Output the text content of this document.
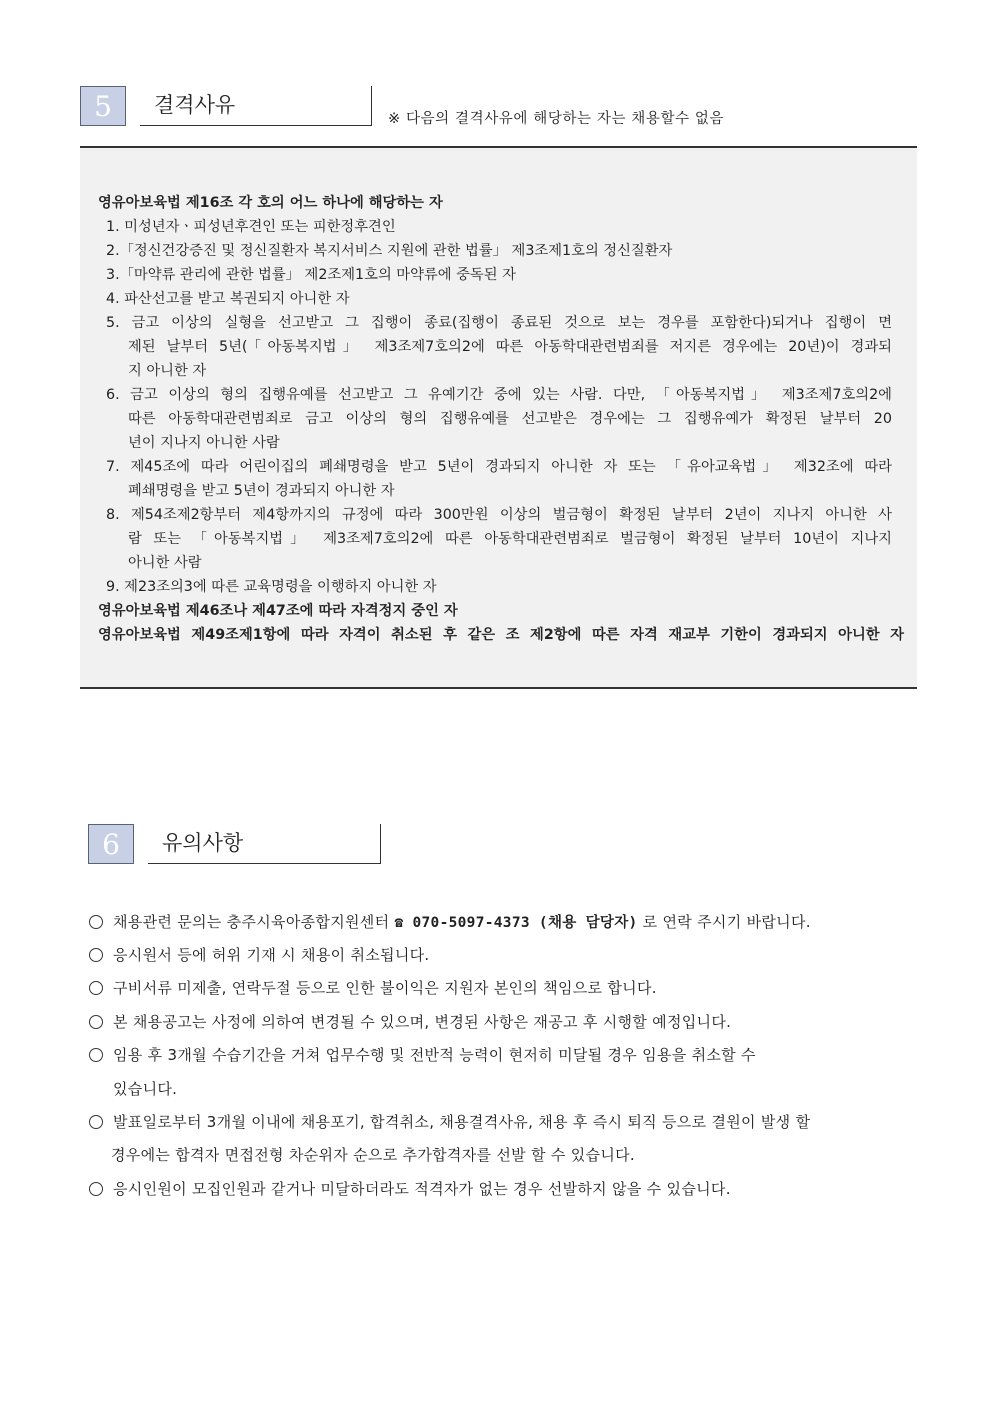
5	결격사유
※ 다음의 결격사유에 해당하는 자는 채용할수 없음
영유아보육법 제16조 각 호의 어느 하나에 해당하는 자
1. 미성년자ㆍ피성년후견인 또는 피한정후견인
2.「정신건강증진 및 정신질환자 복지서비스 지원에 관한 법률」 제3조제1호의 정신질환자
3.「마약류 관리에 관한 법률」 제2조제1호의 마약류에 중독된 자
4. 파산선고를 받고 복권되지 아니한 자
5. 금고 이상의 실형을 선고받고 그 집행이 종료(집행이 종료된 것으로 보는 경우를 포함한다)되거나 집행이 면
제된 날부터 5년(「아동복지법」 제3조제7호의2에 따른 아동학대관련범죄를 저지른 경우에는 20년)이 경과되
지 아니한 자
6. 금고 이상의 형의 집행유예를 선고받고 그 유예기간 중에 있는 사람. 다만, 「아동복지법」 제3조제7호의2에
따른 아동학대관련범죄로 금고 이상의 형의 집행유예를 선고받은 경우에는 그 집행유예가 확정된 날부터 20
년이 지나지 아니한 사람
7. 제45조에 따라 어린이집의 폐쇄명령을 받고 5년이 경과되지 아니한 자 또는 「유아교육법」 제32조에 따라
폐쇄명령을 받고 5년이 경과되지 아니한 자
8. 제54조제2항부터 제4항까지의 규정에 따라 300만원 이상의 벌금형이 확정된 날부터 2년이 지나지 아니한 사
람 또는 「아동복지법」 제3조제7호의2에 따른 아동학대관련범죄로 벌금형이 확정된 날부터 10년이 지나지
아니한 사람
9. 제23조의3에 따른 교육명령을 이행하지 아니한 자
영유아보육법 제46조나 제47조에 따라 자격정지 중인 자
영유아보육법 제49조제1항에 따라 자격이 취소된 후 같은 조 제2항에 따른 자격 재교부 기한이 경과되지 아니한 자
6	유의사항
채용관련 문의는 충주시육아종합지원센터 ☎ 070-5097-4373 (채용 담당자) 로 연락 주시기 바랍니다.
응시원서 등에 허위 기재 시 채용이 취소됩니다.
구비서류 미제출, 연락두절 등으로 인한 불이익은 지원자 본인의 책임으로 합니다.
본 채용공고는 사정에 의하여 변경될 수 있으며, 변경된 사항은 재공고 후 시행할 예정입니다.
임용 후 3개월 수습기간을 거쳐 업무수행 및 전반적 능력이 현저히 미달될 경우 임용을 취소할 수
있습니다.
발표일로부터 3개월 이내에 채용포기, 합격취소, 채용결격사유, 채용 후 즉시 퇴직 등으로 결원이 발생 할
경우에는 합격자 면접전형 차순위자 순으로 추가합격자를 선발 할 수 있습니다.
응시인원이 모집인원과 같거나 미달하더라도 적격자가 없는 경우 선발하지 않을 수 있습니다.
